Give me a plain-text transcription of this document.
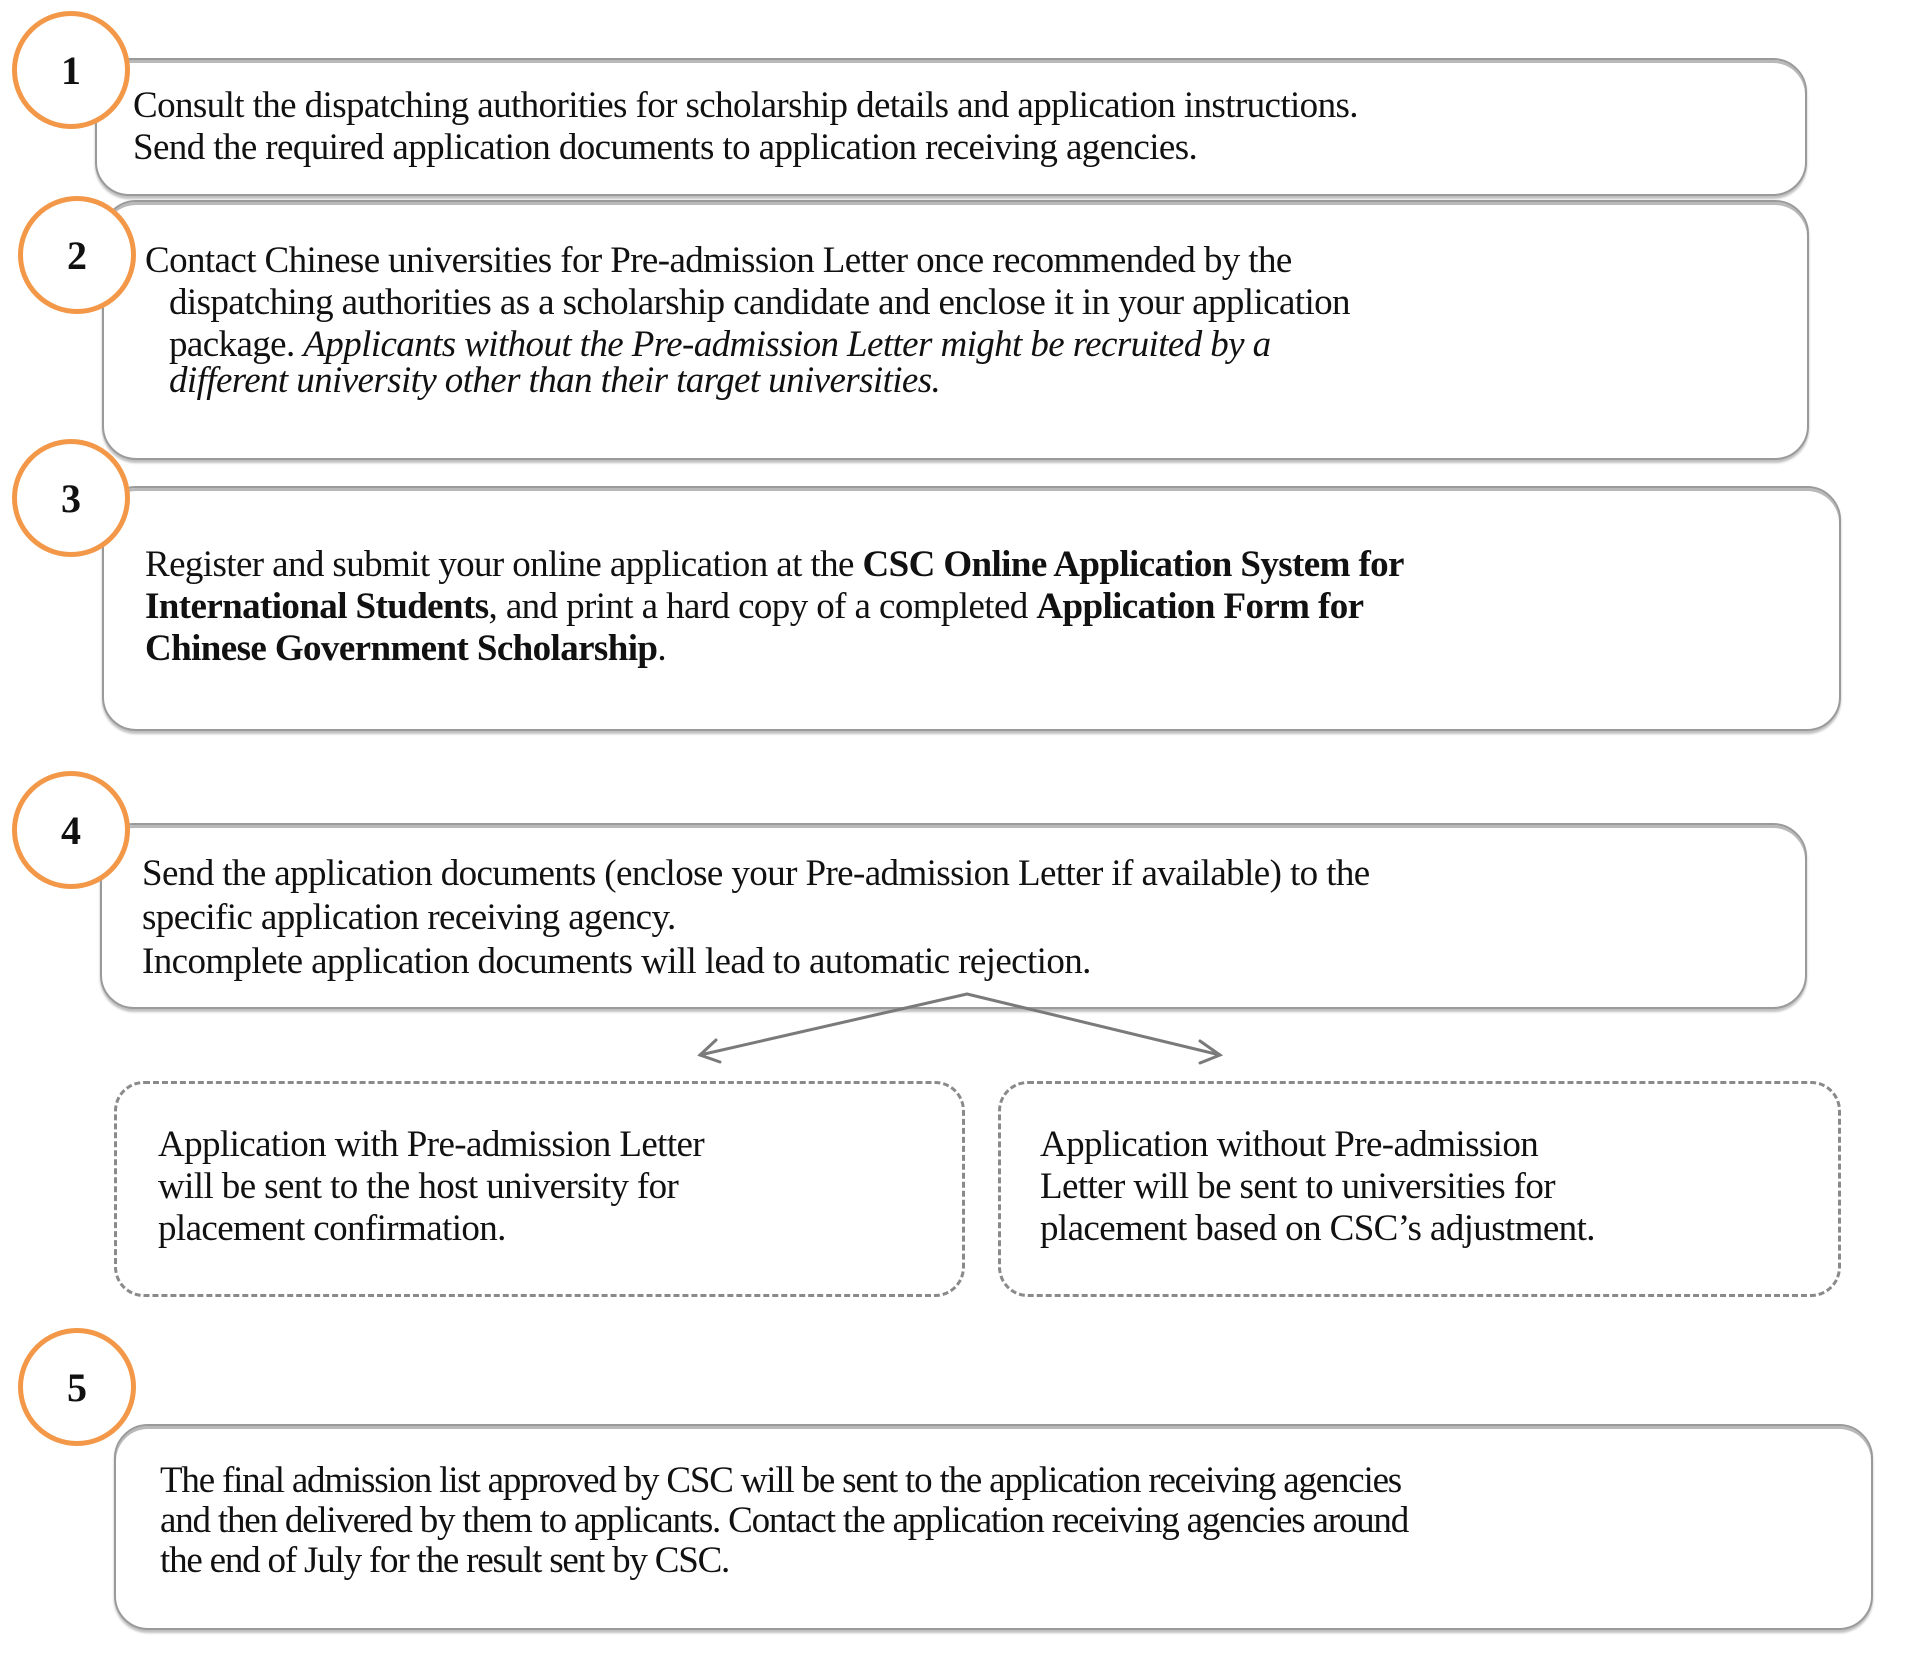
1
Consult the dispatching authorities for scholarship details and application instructions.
Send the required application documents to application receiving agencies.
2 Contact Chinese universities for Pre-admission Letter once recommended by the
dispatching authorities as a scholarship candidate and enclose it in your application
package. Applicants without the Pre-admission Letter might be recruited by a
different university other than their target universities.
3
Register and submit your online application at the CSC Online Application System for
International Students, and print a hard copy of a completed Application Form for
Chinese Government Scholarship.
4
Send the application documents (enclose your Pre-admission Letter if available) to the
specific application receiving agency.
Incomplete application documents will lead to automatic rejection.
Application with Pre-admission Letter
will be sent to the host university for
placement confirmation.
Application without Pre-admission
Letter will be sent to universities for
placement based on CSC’s adjustment.
5
The final admission list approved by CSC will be sent to the application receiving agencies
and then delivered by them to applicants. Contact the application receiving agencies around
the end of July for the result sent by CSC.
